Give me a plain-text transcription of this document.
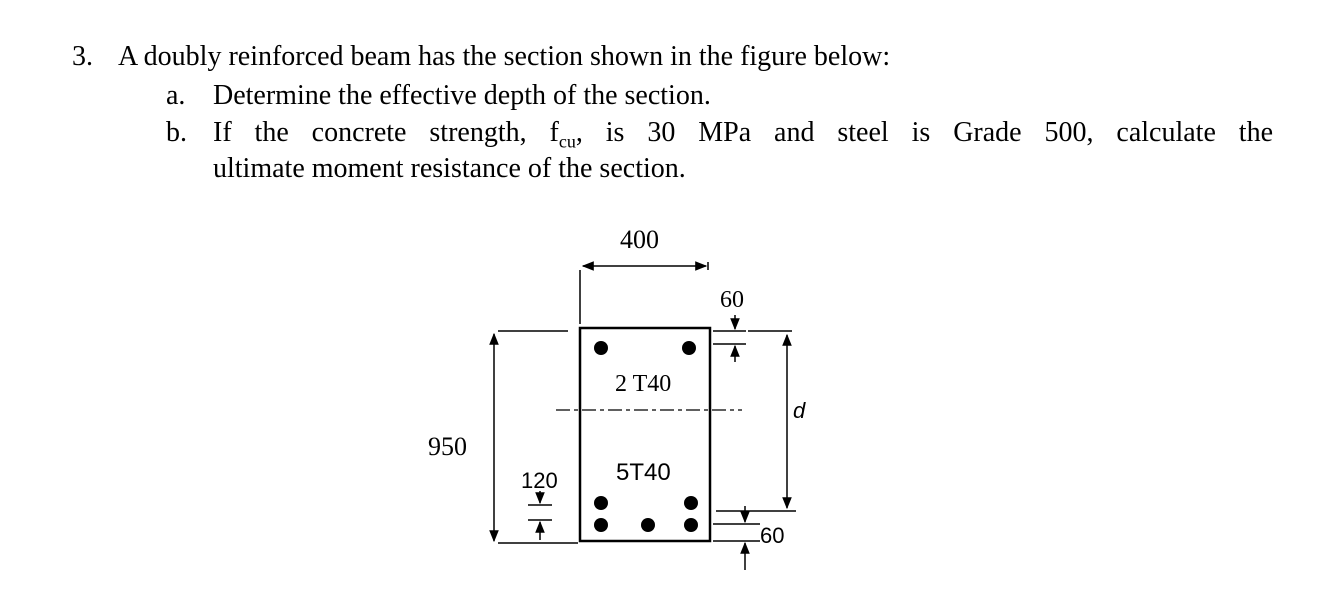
3. A doubly reinforced beam has the section shown in the figure below:
a. Determine the effective depth of the section.
b. If the concrete strength, $f_{cu}$, is 30 MPa and steel is Grade 500, calculate the
ultimate moment resistance of the section.
400
60
2 T40
950
5T40
120
60
d
